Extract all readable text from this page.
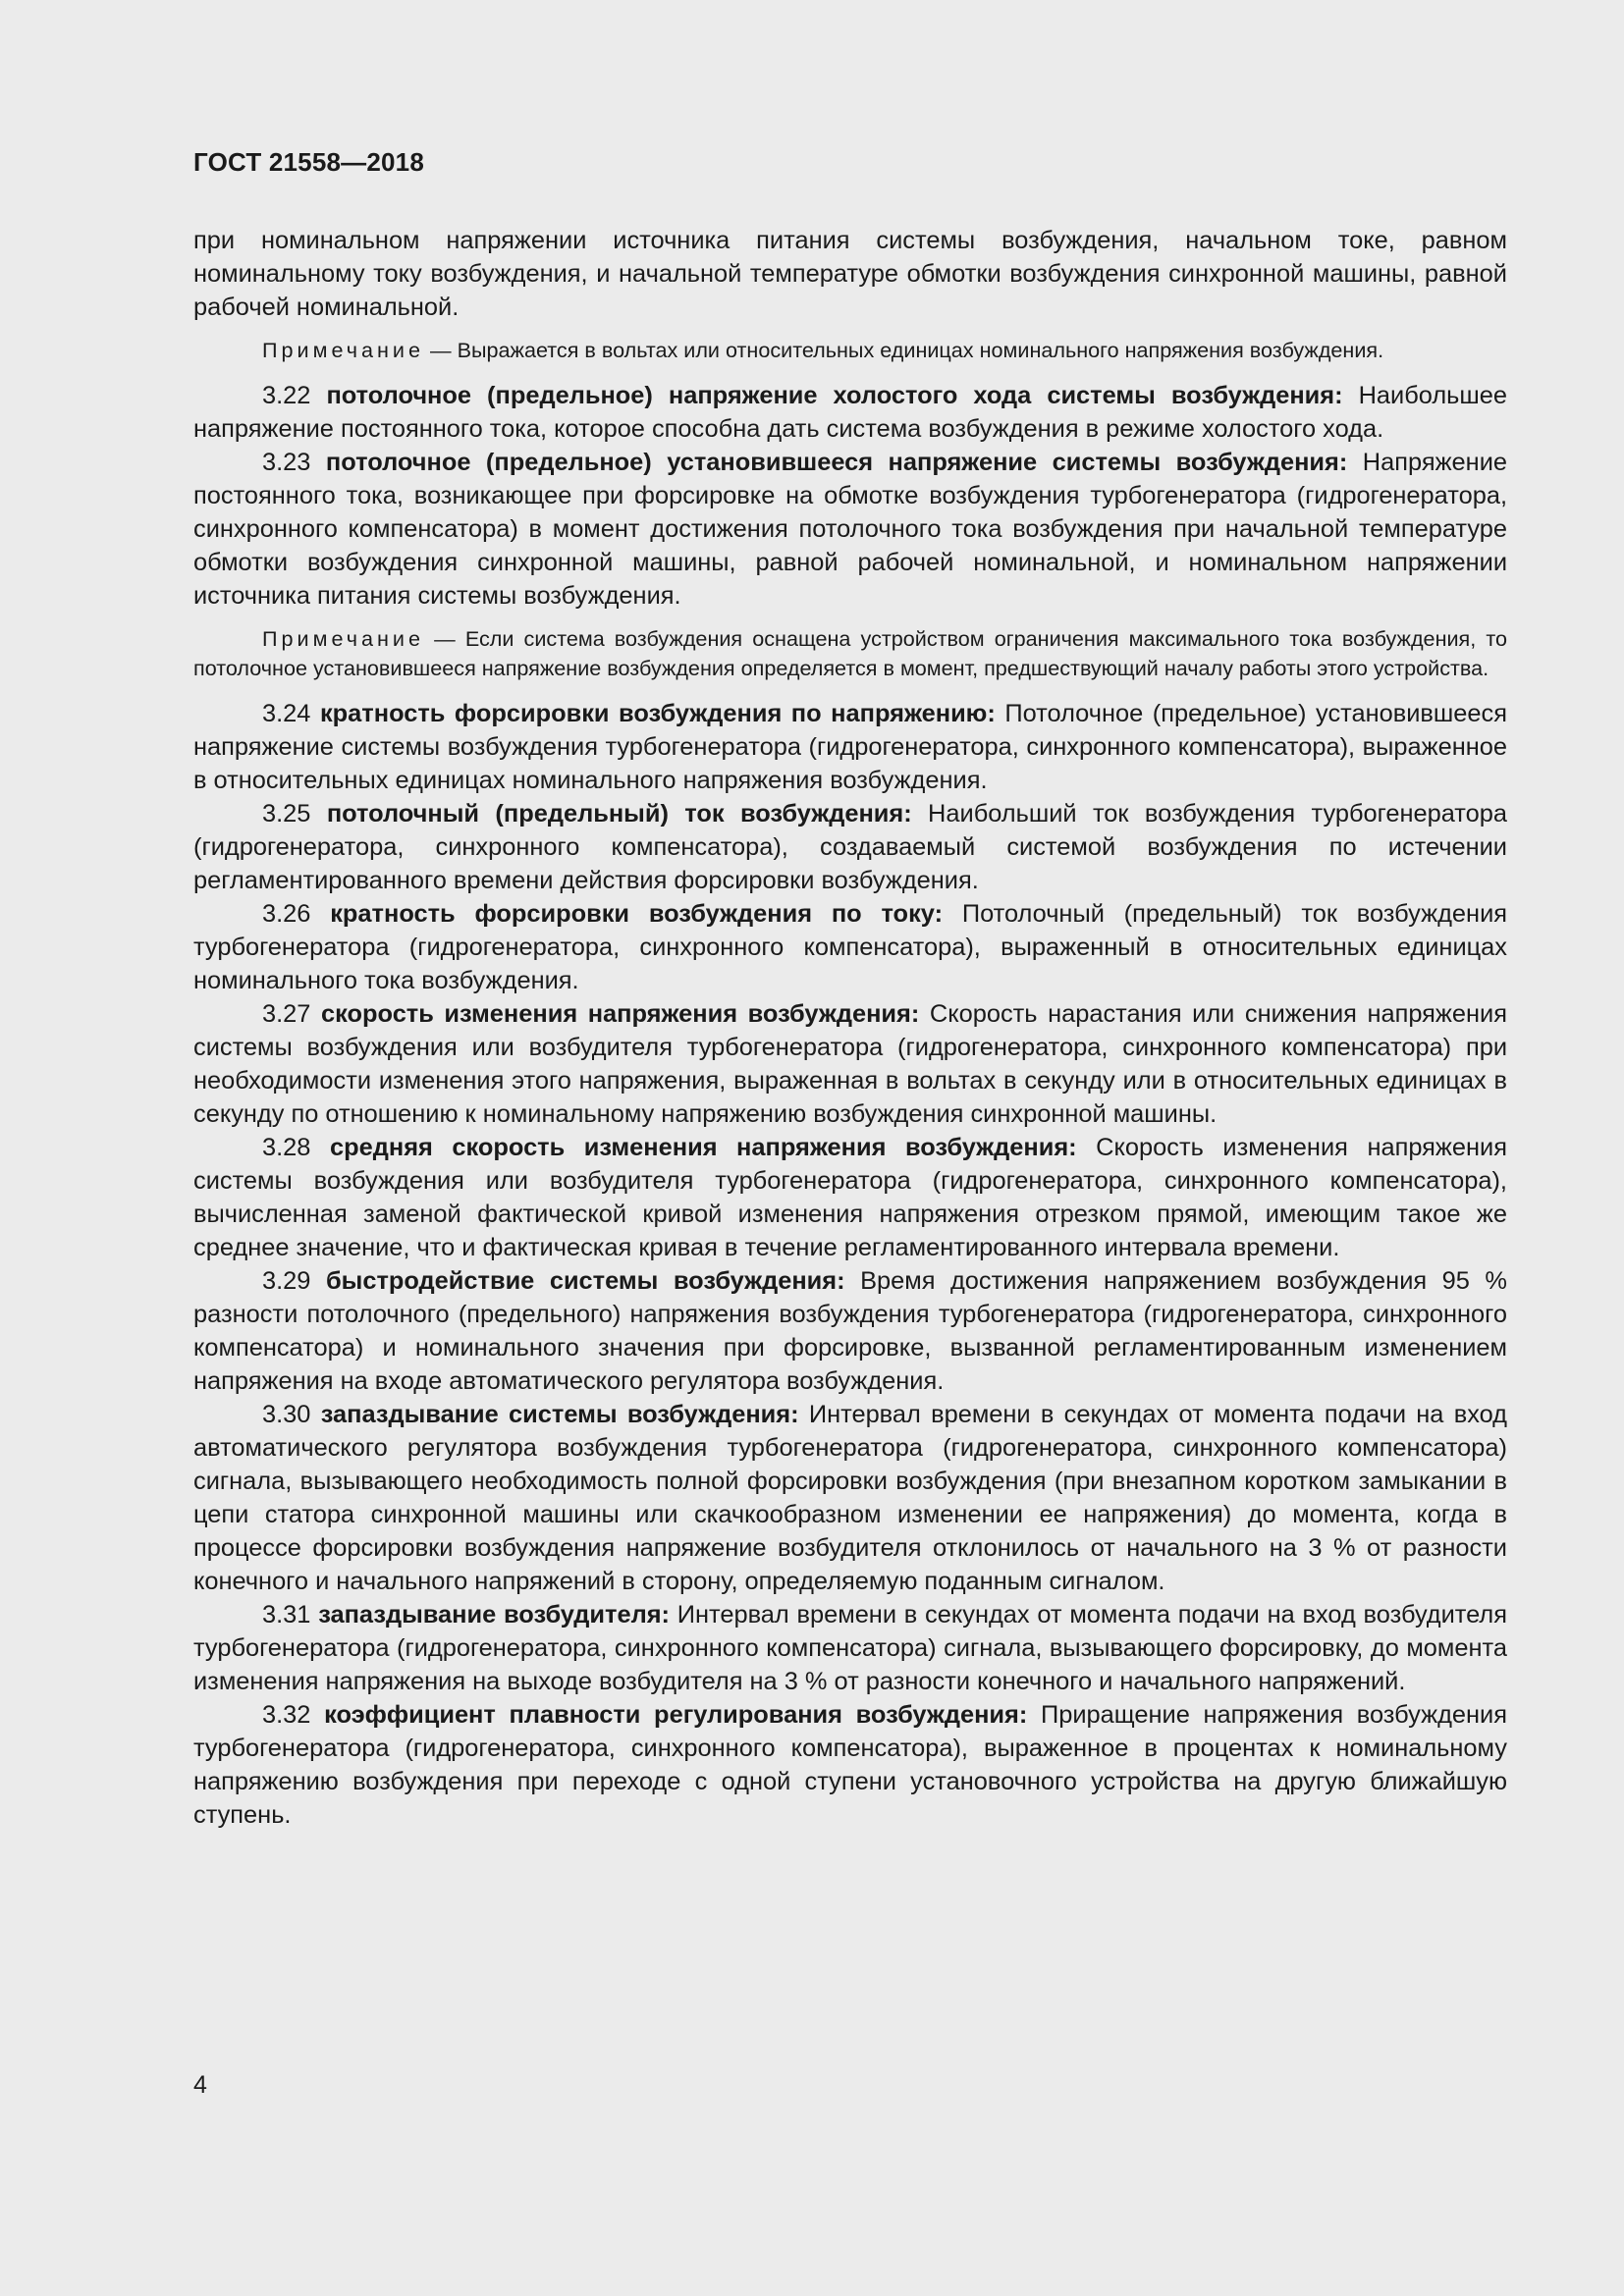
ГОСТ 21558—2018

при номинальном напряжении источника питания системы возбуждения, начальном токе, равном номинальному току возбуждения, и начальной температуре обмотки возбуждения синхронной машины, равной рабочей номинальной.

Примечание — Выражается в вольтах или относительных единицах номинального напряжения возбуждения.

3.22 потолочное (предельное) напряжение холостого хода системы возбуждения: Наибольшее напряжение постоянного тока, которое способна дать система возбуждения в режиме холостого хода.

3.23 потолочное (предельное) установившееся напряжение системы возбуждения: Напряжение постоянного тока, возникающее при форсировке на обмотке возбуждения турбогенератора (гидрогенератора, синхронного компенсатора) в момент достижения потолочного тока возбуждения при начальной температуре обмотки возбуждения синхронной машины, равной рабочей номинальной, и номинальном напряжении источника питания системы возбуждения.

Примечание — Если система возбуждения оснащена устройством ограничения максимального тока возбуждения, то потолочное установившееся напряжение возбуждения определяется в момент, предшествующий началу работы этого устройства.

3.24 кратность форсировки возбуждения по напряжению: Потолочное (предельное) установившееся напряжение системы возбуждения турбогенератора (гидрогенератора, синхронного компенсатора), выраженное в относительных единицах номинального напряжения возбуждения.

3.25 потолочный (предельный) ток возбуждения: Наибольший ток возбуждения турбогенератора (гидрогенератора, синхронного компенсатора), создаваемый системой возбуждения по истечении регламентированного времени действия форсировки возбуждения.

3.26 кратность форсировки возбуждения по току: Потолочный (предельный) ток возбуждения турбогенератора (гидрогенератора, синхронного компенсатора), выраженный в относительных единицах номинального тока возбуждения.

3.27 скорость изменения напряжения возбуждения: Скорость нарастания или снижения напряжения системы возбуждения или возбудителя турбогенератора (гидрогенератора, синхронного компенсатора) при необходимости изменения этого напряжения, выраженная в вольтах в секунду или в относительных единицах в секунду по отношению к номинальному напряжению возбуждения синхронной машины.

3.28 средняя скорость изменения напряжения возбуждения: Скорость изменения напряжения системы возбуждения или возбудителя турбогенератора (гидрогенератора, синхронного компенсатора), вычисленная заменой фактической кривой изменения напряжения отрезком прямой, имеющим такое же среднее значение, что и фактическая кривая в течение регламентированного интервала времени.

3.29 быстродействие системы возбуждения: Время достижения напряжением возбуждения 95 % разности потолочного (предельного) напряжения возбуждения турбогенератора (гидрогенератора, синхронного компенсатора) и номинального значения при форсировке, вызванной регламентированным изменением напряжения на входе автоматического регулятора возбуждения.

3.30 запаздывание системы возбуждения: Интервал времени в секундах от момента подачи на вход автоматического регулятора возбуждения турбогенератора (гидрогенератора, синхронного компенсатора) сигнала, вызывающего необходимость полной форсировки возбуждения (при внезапном коротком замыкании в цепи статора синхронной машины или скачкообразном изменении ее напряжения) до момента, когда в процессе форсировки возбуждения напряжение возбудителя отклонилось от начального на 3 % от разности конечного и начального напряжений в сторону, определяемую поданным сигналом.

3.31 запаздывание возбудителя: Интервал времени в секундах от момента подачи на вход возбудителя турбогенератора (гидрогенератора, синхронного компенсатора) сигнала, вызывающего форсировку, до момента изменения напряжения на выходе возбудителя на 3 % от разности конечного и начального напряжений.

3.32 коэффициент плавности регулирования возбуждения: Приращение напряжения возбуждения турбогенератора (гидрогенератора, синхронного компенсатора), выраженное в процентах к номинальному напряжению возбуждения при переходе с одной ступени установочного устройства на другую ближайшую ступень.

4
